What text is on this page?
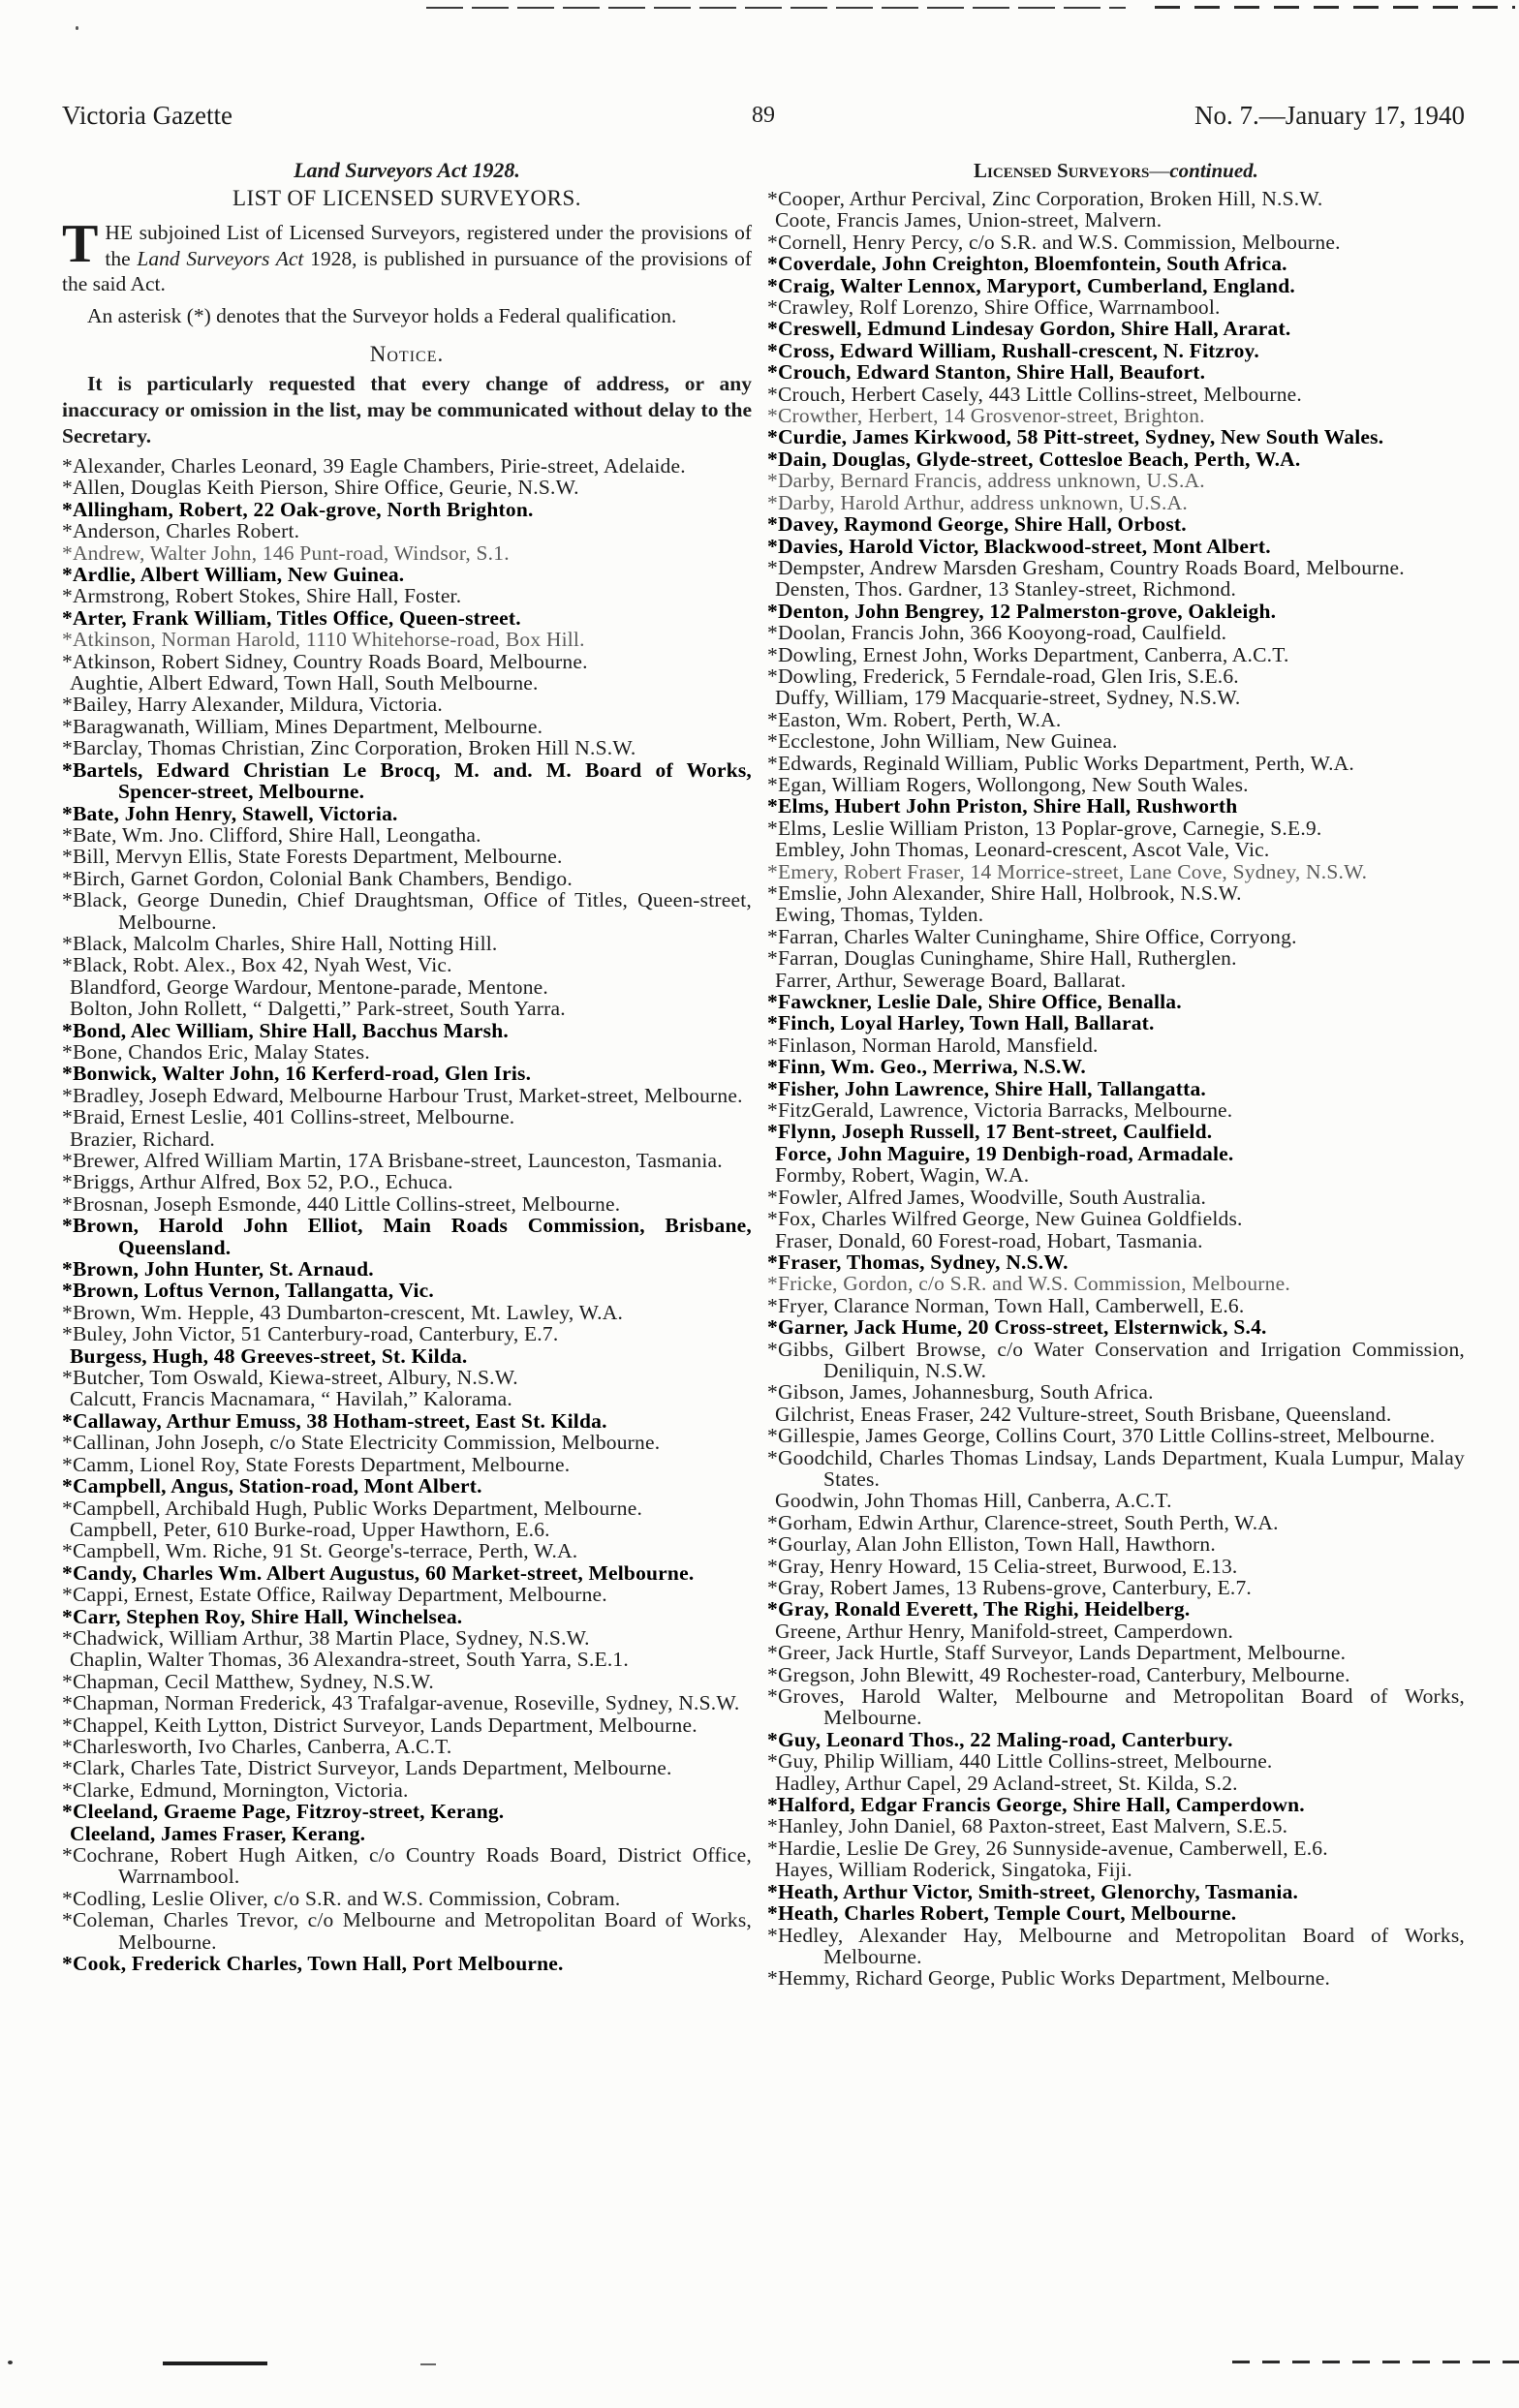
Victoria Gazette	89	No. 7.—January 17, 1940

Land Surveyors Act 1928.

LIST OF LICENSED SURVEYORS.

THE subjoined List of Licensed Surveyors, registered under the provisions of the Land Surveyors Act 1928, is published in pursuance of the provisions of the said Act.

An asterisk (*) denotes that the Surveyor holds a Federal qualification.

Notice.

It is particularly requested that every change of address, or any inaccuracy or omission in the list, may be communicated without delay to the Secretary.

*Alexander, Charles Leonard, 39 Eagle Chambers, Pirie-street, Adelaide.
*Allen, Douglas Keith Pierson, Shire Office, Geurie, N.S.W.
*Allingham, Robert, 22 Oak-grove, North Brighton.
*Anderson, Charles Robert.
*Andrew, Walter John, 146 Punt-road, Windsor, S.1.
*Ardlie, Albert William, New Guinea.
*Armstrong, Robert Stokes, Shire Hall, Foster.
*Arter, Frank William, Titles Office, Queen-street.
*Atkinson, Norman Harold, 1110 Whitehorse-road, Box Hill.
*Atkinson, Robert Sidney, Country Roads Board, Melbourne.
Aughtie, Albert Edward, Town Hall, South Melbourne.
*Bailey, Harry Alexander, Mildura, Victoria.
*Baragwanath, William, Mines Department, Melbourne.
*Barclay, Thomas Christian, Zinc Corporation, Broken Hill N.S.W.
*Bartels, Edward Christian Le Brocq, M. and. M. Board of Works, Spencer-street, Melbourne.
*Bate, John Henry, Stawell, Victoria.
*Bate, Wm. Jno. Clifford, Shire Hall, Leongatha.
*Bill, Mervyn Ellis, State Forests Department, Melbourne.
*Birch, Garnet Gordon, Colonial Bank Chambers, Bendigo.
*Black, George Dunedin, Chief Draughtsman, Office of Titles, Queen-street, Melbourne.
*Black, Malcolm Charles, Shire Hall, Notting Hill.
*Black, Robt. Alex., Box 42, Nyah West, Vic.
Blandford, George Wardour, Mentone-parade, Mentone.
Bolton, John Rollett, “ Dalgetti,” Park-street, South Yarra.
*Bond, Alec William, Shire Hall, Bacchus Marsh.
*Bone, Chandos Eric, Malay States.
*Bonwick, Walter John, 16 Kerferd-road, Glen Iris.
*Bradley, Joseph Edward, Melbourne Harbour Trust, Market-street, Melbourne.
*Braid, Ernest Leslie, 401 Collins-street, Melbourne.
Brazier, Richard.
*Brewer, Alfred William Martin, 17A Brisbane-street, Launceston, Tasmania.
*Briggs, Arthur Alfred, Box 52, P.O., Echuca.
*Brosnan, Joseph Esmonde, 440 Little Collins-street, Melbourne.
*Brown, Harold John Elliot, Main Roads Commission, Brisbane, Queensland.
*Brown, John Hunter, St. Arnaud.
*Brown, Loftus Vernon, Tallangatta, Vic.
*Brown, Wm. Hepple, 43 Dumbarton-crescent, Mt. Lawley, W.A.
*Buley, John Victor, 51 Canterbury-road, Canterbury, E.7.
Burgess, Hugh, 48 Greeves-street, St. Kilda.
*Butcher, Tom Oswald, Kiewa-street, Albury, N.S.W.
Calcutt, Francis Macnamara, “ Havilah,” Kalorama.
*Callaway, Arthur Emuss, 38 Hotham-street, East St. Kilda.
*Callinan, John Joseph, c/o State Electricity Commission, Melbourne.
*Camm, Lionel Roy, State Forests Department, Melbourne.
*Campbell, Angus, Station-road, Mont Albert.
*Campbell, Archibald Hugh, Public Works Department, Melbourne.
Campbell, Peter, 610 Burke-road, Upper Hawthorn, E.6.
*Campbell, Wm. Riche, 91 St. George's-terrace, Perth, W.A.
*Candy, Charles Wm. Albert Augustus, 60 Market-street, Melbourne.
*Cappi, Ernest, Estate Office, Railway Department, Melbourne.
*Carr, Stephen Roy, Shire Hall, Winchelsea.
*Chadwick, William Arthur, 38 Martin Place, Sydney, N.S.W.
Chaplin, Walter Thomas, 36 Alexandra-street, South Yarra, S.E.1.
*Chapman, Cecil Matthew, Sydney, N.S.W.
*Chapman, Norman Frederick, 43 Trafalgar-avenue, Roseville, Sydney, N.S.W.
*Chappel, Keith Lytton, District Surveyor, Lands Department, Melbourne.
*Charlesworth, Ivo Charles, Canberra, A.C.T.
*Clark, Charles Tate, District Surveyor, Lands Department, Melbourne.
*Clarke, Edmund, Mornington, Victoria.
*Cleeland, Graeme Page, Fitzroy-street, Kerang.
Cleeland, James Fraser, Kerang.
*Cochrane, Robert Hugh Aitken, c/o Country Roads Board, District Office, Warrnambool.
*Codling, Leslie Oliver, c/o S.R. and W.S. Commission, Cobram.
*Coleman, Charles Trevor, c/o Melbourne and Metropolitan Board of Works, Melbourne.
*Cook, Frederick Charles, Town Hall, Port Melbourne.

Licensed Surveyors—continued.

*Cooper, Arthur Percival, Zinc Corporation, Broken Hill, N.S.W.
Coote, Francis James, Union-street, Malvern.
*Cornell, Henry Percy, c/o S.R. and W.S. Commission, Melbourne.
*Coverdale, John Creighton, Bloemfontein, South Africa.
*Craig, Walter Lennox, Maryport, Cumberland, England.
*Crawley, Rolf Lorenzo, Shire Office, Warrnambool.
*Creswell, Edmund Lindesay Gordon, Shire Hall, Ararat.
*Cross, Edward William, Rushall-crescent, N. Fitzroy.
*Crouch, Edward Stanton, Shire Hall, Beaufort.
*Crouch, Herbert Casely, 443 Little Collins-street, Melbourne.
*Crowther, Herbert, 14 Grosvenor-street, Brighton.
*Curdie, James Kirkwood, 58 Pitt-street, Sydney, New South Wales.
*Dain, Douglas, Glyde-street, Cottesloe Beach, Perth, W.A.
*Darby, Bernard Francis, address unknown, U.S.A.
*Darby, Harold Arthur, address unknown, U.S.A.
*Davey, Raymond George, Shire Hall, Orbost.
*Davies, Harold Victor, Blackwood-street, Mont Albert.
*Dempster, Andrew Marsden Gresham, Country Roads Board, Melbourne.
Densten, Thos. Gardner, 13 Stanley-street, Richmond.
*Denton, John Bengrey, 12 Palmerston-grove, Oakleigh.
*Doolan, Francis John, 366 Kooyong-road, Caulfield.
*Dowling, Ernest John, Works Department, Canberra, A.C.T.
*Dowling, Frederick, 5 Ferndale-road, Glen Iris, S.E.6.
Duffy, William, 179 Macquarie-street, Sydney, N.S.W.
*Easton, Wm. Robert, Perth, W.A.
*Ecclestone, John William, New Guinea.
*Edwards, Reginald William, Public Works Department, Perth, W.A.
*Egan, William Rogers, Wollongong, New South Wales.
*Elms, Hubert John Priston, Shire Hall, Rushworth
*Elms, Leslie William Priston, 13 Poplar-grove, Carnegie, S.E.9.
Embley, John Thomas, Leonard-crescent, Ascot Vale, Vic.
*Emery, Robert Fraser, 14 Morrice-street, Lane Cove, Sydney, N.S.W.
*Emslie, John Alexander, Shire Hall, Holbrook, N.S.W.
Ewing, Thomas, Tylden.
*Farran, Charles Walter Cuninghame, Shire Office, Corryong.
*Farran, Douglas Cuninghame, Shire Hall, Rutherglen.
Farrer, Arthur, Sewerage Board, Ballarat.
*Fawckner, Leslie Dale, Shire Office, Benalla.
*Finch, Loyal Harley, Town Hall, Ballarat.
*Finlason, Norman Harold, Mansfield.
*Finn, Wm. Geo., Merriwa, N.S.W.
*Fisher, John Lawrence, Shire Hall, Tallangatta.
*FitzGerald, Lawrence, Victoria Barracks, Melbourne.
*Flynn, Joseph Russell, 17 Bent-street, Caulfield.
Force, John Maguire, 19 Denbigh-road, Armadale.
Formby, Robert, Wagin, W.A.
*Fowler, Alfred James, Woodville, South Australia.
*Fox, Charles Wilfred George, New Guinea Goldfields.
Fraser, Donald, 60 Forest-road, Hobart, Tasmania.
*Fraser, Thomas, Sydney, N.S.W.
*Fricke, Gordon, c/o S.R. and W.S. Commission, Melbourne.
*Fryer, Clarance Norman, Town Hall, Camberwell, E.6.
*Garner, Jack Hume, 20 Cross-street, Elsternwick, S.4.
*Gibbs, Gilbert Browse, c/o Water Conservation and Irrigation Commission, Deniliquin, N.S.W.
*Gibson, James, Johannesburg, South Africa.
Gilchrist, Eneas Fraser, 242 Vulture-street, South Brisbane, Queensland.
*Gillespie, James George, Collins Court, 370 Little Collins-street, Melbourne.
*Goodchild, Charles Thomas Lindsay, Lands Department, Kuala Lumpur, Malay States.
Goodwin, John Thomas Hill, Canberra, A.C.T.
*Gorham, Edwin Arthur, Clarence-street, South Perth, W.A.
*Gourlay, Alan John Elliston, Town Hall, Hawthorn.
*Gray, Henry Howard, 15 Celia-street, Burwood, E.13.
*Gray, Robert James, 13 Rubens-grove, Canterbury, E.7.
*Gray, Ronald Everett, The Righi, Heidelberg.
Greene, Arthur Henry, Manifold-street, Camperdown.
*Greer, Jack Hurtle, Staff Surveyor, Lands Department, Melbourne.
*Gregson, John Blewitt, 49 Rochester-road, Canterbury, Melbourne.
*Groves, Harold Walter, Melbourne and Metropolitan Board of Works, Melbourne.
*Guy, Leonard Thos., 22 Maling-road, Canterbury.
*Guy, Philip William, 440 Little Collins-street, Melbourne.
Hadley, Arthur Capel, 29 Acland-street, St. Kilda, S.2.
*Halford, Edgar Francis George, Shire Hall, Camperdown.
*Hanley, John Daniel, 68 Paxton-street, East Malvern, S.E.5.
*Hardie, Leslie De Grey, 26 Sunnyside-avenue, Camberwell, E.6.
Hayes, William Roderick, Singatoka, Fiji.
*Heath, Arthur Victor, Smith-street, Glenorchy, Tasmania.
*Heath, Charles Robert, Temple Court, Melbourne.
*Hedley, Alexander Hay, Melbourne and Metropolitan Board of Works, Melbourne.
*Hemmy, Richard George, Public Works Department, Melbourne.
